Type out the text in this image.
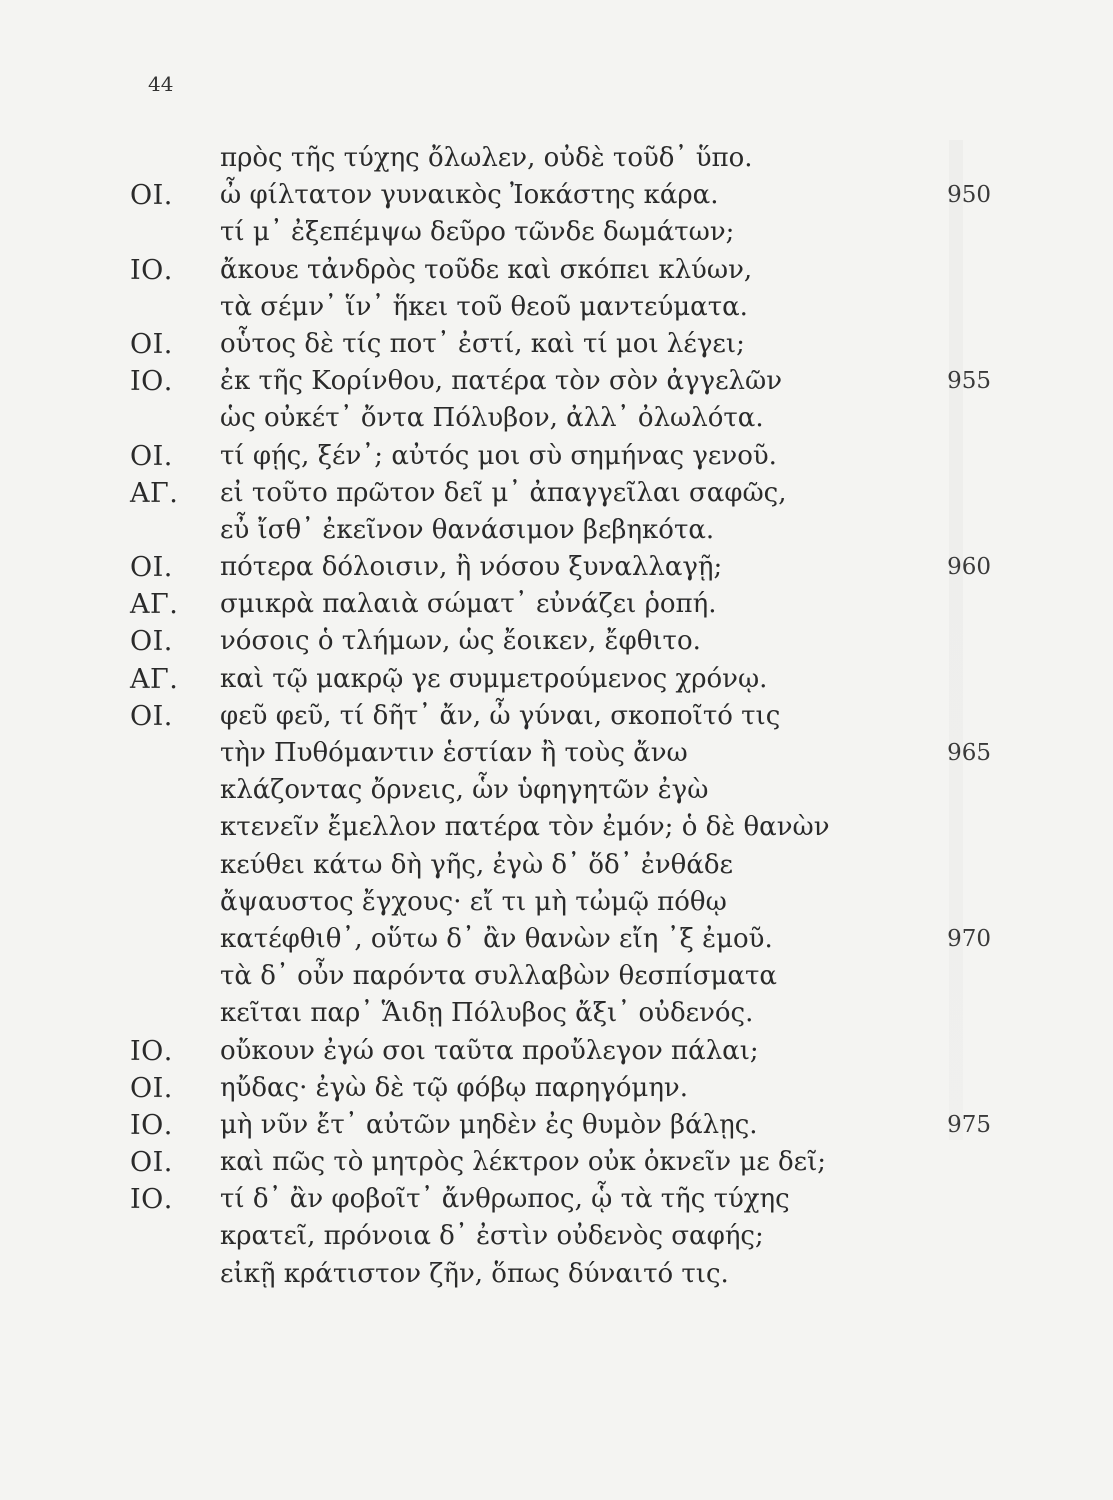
44
πρὸς τῆς τύχης ὄλωλεν, οὐδὲ τοῦδ᾽ ὕπο.
ΟΙ.	ὦ φίλτατον γυναικὸς Ἰοκάστης κάρα.	950
τί μ᾽ ἐξεπέμψω δεῦρο τῶνδε δωμάτων;
ΙΟ.	ἄκουε τἀνδρὸς τοῦδε καὶ σκόπει κλύων,
τὰ σέμν᾽ ἵν᾽ ἥκει τοῦ θεοῦ μαντεύματα.
ΟΙ.	οὗτος δὲ τίς ποτ᾽ ἐστί, καὶ τί μοι λέγει;
ΙΟ.	ἐκ τῆς Κορίνθου, πατέρα τὸν σὸν ἀγγελῶν	955
ὡς οὐκέτ᾽ ὄντα Πόλυβον, ἀλλ᾽ ὀλωλότα.
ΟΙ.	τί φῄς, ξέν᾽; αὐτός μοι σὺ σημήνας γενοῦ.
ΑΓ.	εἰ τοῦτο πρῶτον δεῖ μ᾽ ἀπαγγεῖλαι σαφῶς,
εὖ ἴσθ᾽ ἐκεῖνον θανάσιμον βεβηκότα.
ΟΙ.	πότερα δόλοισιν, ἢ νόσου ξυναλλαγῇ;	960
ΑΓ.	σμικρὰ παλαιὰ σώματ᾽ εὐνάζει ῥοπή.
ΟΙ.	νόσοις ὁ τλήμων, ὡς ἔοικεν, ἔφθιτο.
ΑΓ.	καὶ τῷ μακρῷ γε συμμετρούμενος χρόνῳ.
ΟΙ.	φεῦ φεῦ, τί δῆτ᾽ ἄν, ὦ γύναι, σκοποῖτό τις
τὴν Πυθόμαντιν ἑστίαν ἢ τοὺς ἄνω	965
κλάζοντας ὄρνεις, ὧν ὑφηγητῶν ἐγὼ
κτενεῖν ἔμελλον πατέρα τὸν ἐμόν; ὁ δὲ θανὼν
κεύθει κάτω δὴ γῆς, ἐγὼ δ᾽ ὅδ᾽ ἐνθάδε
ἄψαυστος ἔγχους· εἴ τι μὴ τὠμῷ πόθῳ
κατέφθιθ᾽, οὕτω δ᾽ ἂν θανὼν εἴη ᾽ξ ἐμοῦ.	970
τὰ δ᾽ οὖν παρόντα συλλαβὼν θεσπίσματα
κεῖται παρ᾽ Ἅιδῃ Πόλυβος ἄξι᾽ οὐδενός.
ΙΟ.	οὔκουν ἐγώ σοι ταῦτα προὔλεγον πάλαι;
ΟΙ.	ηὔδας· ἐγὼ δὲ τῷ φόβῳ παρηγόμην.
ΙΟ.	μὴ νῦν ἔτ᾽ αὐτῶν μηδὲν ἐς θυμὸν βάλῃς.	975
ΟΙ.	καὶ πῶς τὸ μητρὸς λέκτρον οὐκ ὀκνεῖν με δεῖ;
ΙΟ.	τί δ᾽ ἂν φοβοῖτ᾽ ἄνθρωπος, ᾧ τὰ τῆς τύχης
κρατεῖ, πρόνοια δ᾽ ἐστὶν οὐδενὸς σαφής;
εἰκῇ κράτιστον ζῆν, ὅπως δύναιτό τις.
